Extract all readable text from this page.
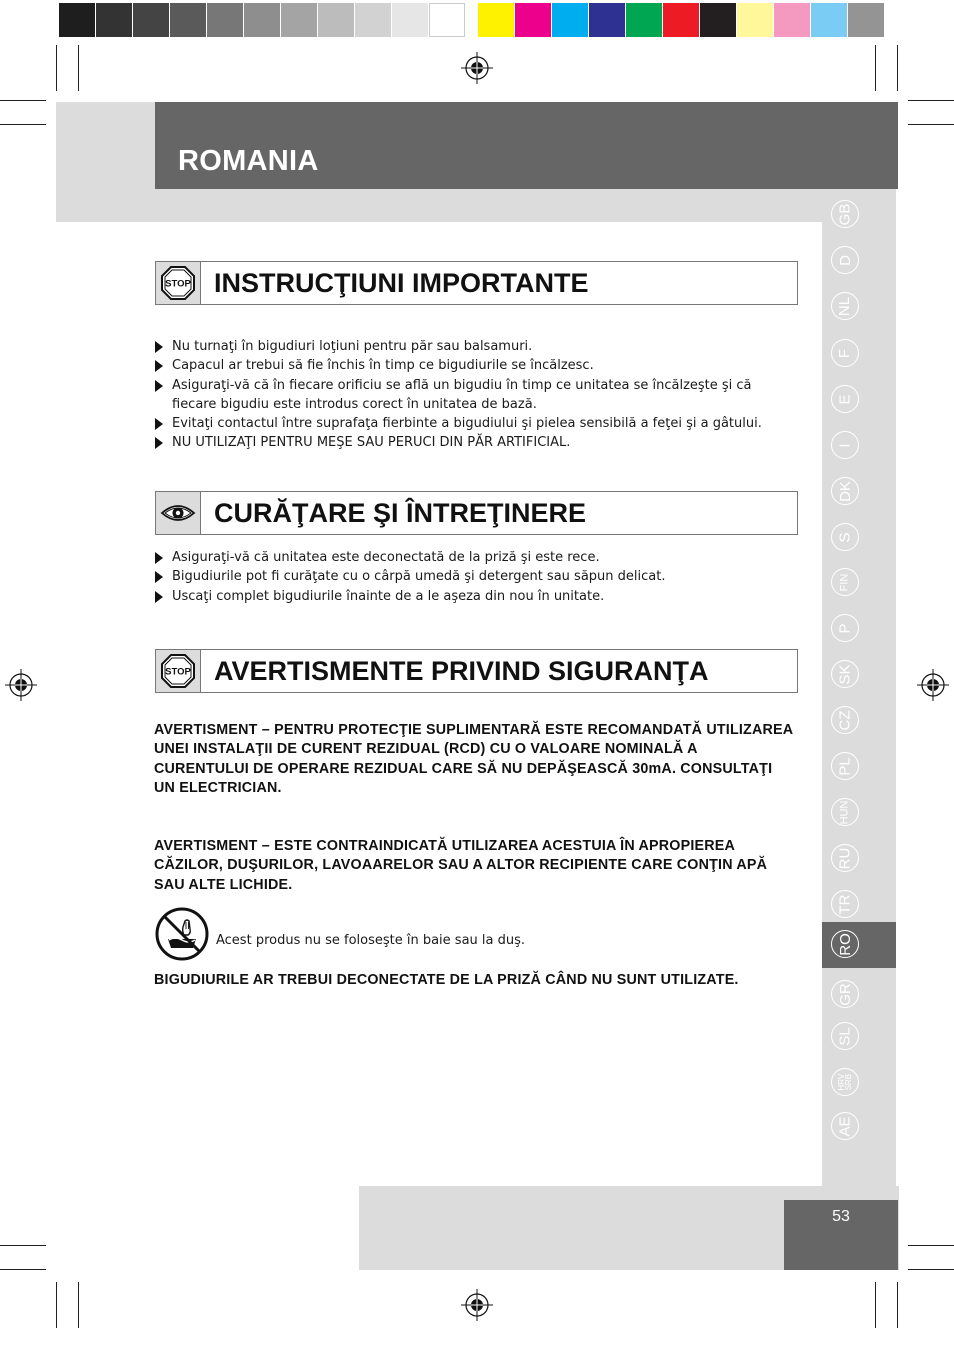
ROMANIA
GB
D
NL
F
E
I
DK
S
FIN
P
SK
CZ
PL
HUN
RU
TR
RO
GR
SL
HRV SRB
AE
53
STOP INSTRUCŢIUNI IMPORTANTE
Nu turnaţi în bigudiuri loţiuni pentru păr sau balsamuri.
Capacul ar trebui să fie închis în timp ce bigudiurile se încălzesc.
Asiguraţi-vă că în fiecare orificiu se află un bigudiu în timp ce unitatea se încălzeşte şi că fiecare bigudiu este introdus corect în unitatea de bază.
Evitaţi contactul între suprafaţa fierbinte a bigudiului şi pielea sensibilă a feţei şi a gâtului.
NU UTILIZAŢI PENTRU MEŞE SAU PERUCI DIN PĂR ARTIFICIAL.
CURĂŢARE ŞI ÎNTREŢINERE
Asiguraţi-vă că unitatea este deconectată de la priză şi este rece.
Bigudiurile pot fi curăţate cu o cârpă umedă şi detergent sau săpun delicat.
Uscaţi complet bigudiurile înainte de a le aşeza din nou în unitate.
STOP AVERTISMENTE PRIVIND SIGURANŢA
AVERTISMENT – PENTRU PROTECŢIE SUPLIMENTARĂ ESTE RECOMANDATĂ UTILIZAREA UNEI INSTALAŢII DE CURENT REZIDUAL (RCD) CU O VALOARE NOMINALĂ A CURENTULUI DE OPERARE REZIDUAL CARE SĂ NU DEPĂŞEASCĂ 30mA. CONSULTAŢI UN ELECTRICIAN.
AVERTISMENT – ESTE CONTRAINDICATĂ UTILIZAREA ACESTUIA ÎN APROPIEREA CĂZILOR, DUŞURILOR, LAVOAARELOR SAU A ALTOR RECIPIENTE CARE CONŢIN APĂ SAU ALTE LICHIDE.
Acest produs nu se foloseşte în baie sau la duş.
BIGUDIURILE AR TREBUI DECONECTATE DE LA PRIZĂ CÂND NU SUNT UTILIZATE.
